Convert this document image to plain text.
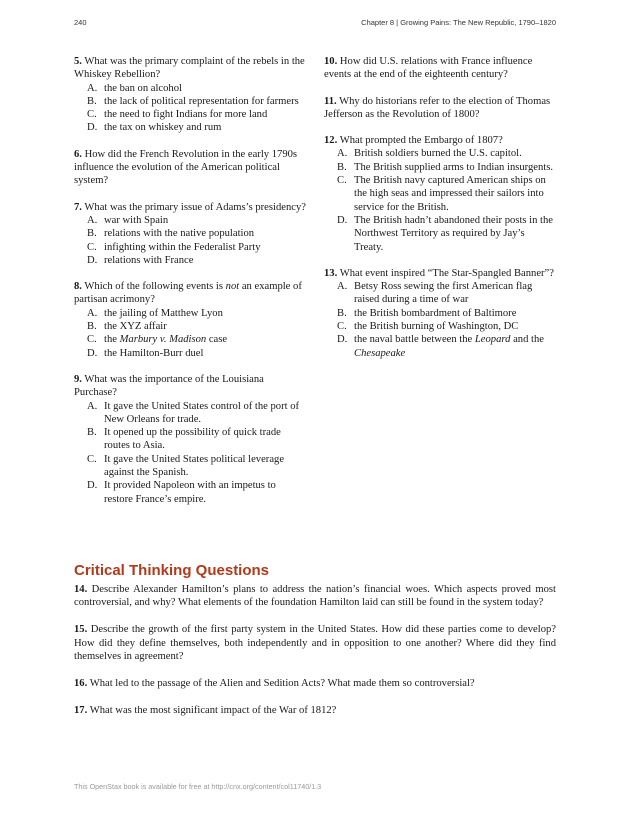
240	Chapter 8 | Growing Pains: The New Republic, 1790–1820

5. What was the primary complaint of the rebels in the Whiskey Rebellion?

A. the ban on alcohol
B. the lack of political representation for farmers
C. the need to fight Indians for more land
D. the tax on whiskey and rum

6. How did the French Revolution in the early 1790s influence the evolution of the American political system?

7. What was the primary issue of Adams’s presidency?

A. war with Spain
B. relations with the native population
C. infighting within the Federalist Party
D. relations with France

8. Which of the following events is not an example of partisan acrimony?

A. the jailing of Matthew Lyon
B. the XYZ affair
C. the Marbury v. Madison case
D. the Hamilton-Burr duel

9. What was the importance of the Louisiana Purchase?

A. It gave the United States control of the port of New Orleans for trade.
B. It opened up the possibility of quick trade routes to Asia.
C. It gave the United States political leverage against the Spanish.
D. It provided Napoleon with an impetus to restore France’s empire.

10. How did U.S. relations with France influence events at the end of the eighteenth century?

11. Why do historians refer to the election of Thomas Jefferson as the Revolution of 1800?

12. What prompted the Embargo of 1807?

A. British soldiers burned the U.S. capitol.
B. The British supplied arms to Indian insurgents.
C. The British navy captured American ships on the high seas and impressed their sailors into service for the British.
D. The British hadn’t abandoned their posts in the Northwest Territory as required by Jay’s Treaty.

13. What event inspired “The Star-Spangled Banner”?

A. Betsy Ross sewing the first American flag raised during a time of war
B. the British bombardment of Baltimore
C. the British burning of Washington, DC
D. the naval battle between the Leopard and the Chesapeake
Critical Thinking Questions

14. Describe Alexander Hamilton’s plans to address the nation’s financial woes. Which aspects proved most controversial, and why? What elements of the foundation Hamilton laid can still be found in the system today?

15. Describe the growth of the first party system in the United States. How did these parties come to develop? How did they define themselves, both independently and in opposition to one another? Where did they find themselves in agreement?

16. What led to the passage of the Alien and Sedition Acts? What made them so controversial?

17. What was the most significant impact of the War of 1812?

This OpenStax book is available for free at http://cnx.org/content/col11740/1.3
